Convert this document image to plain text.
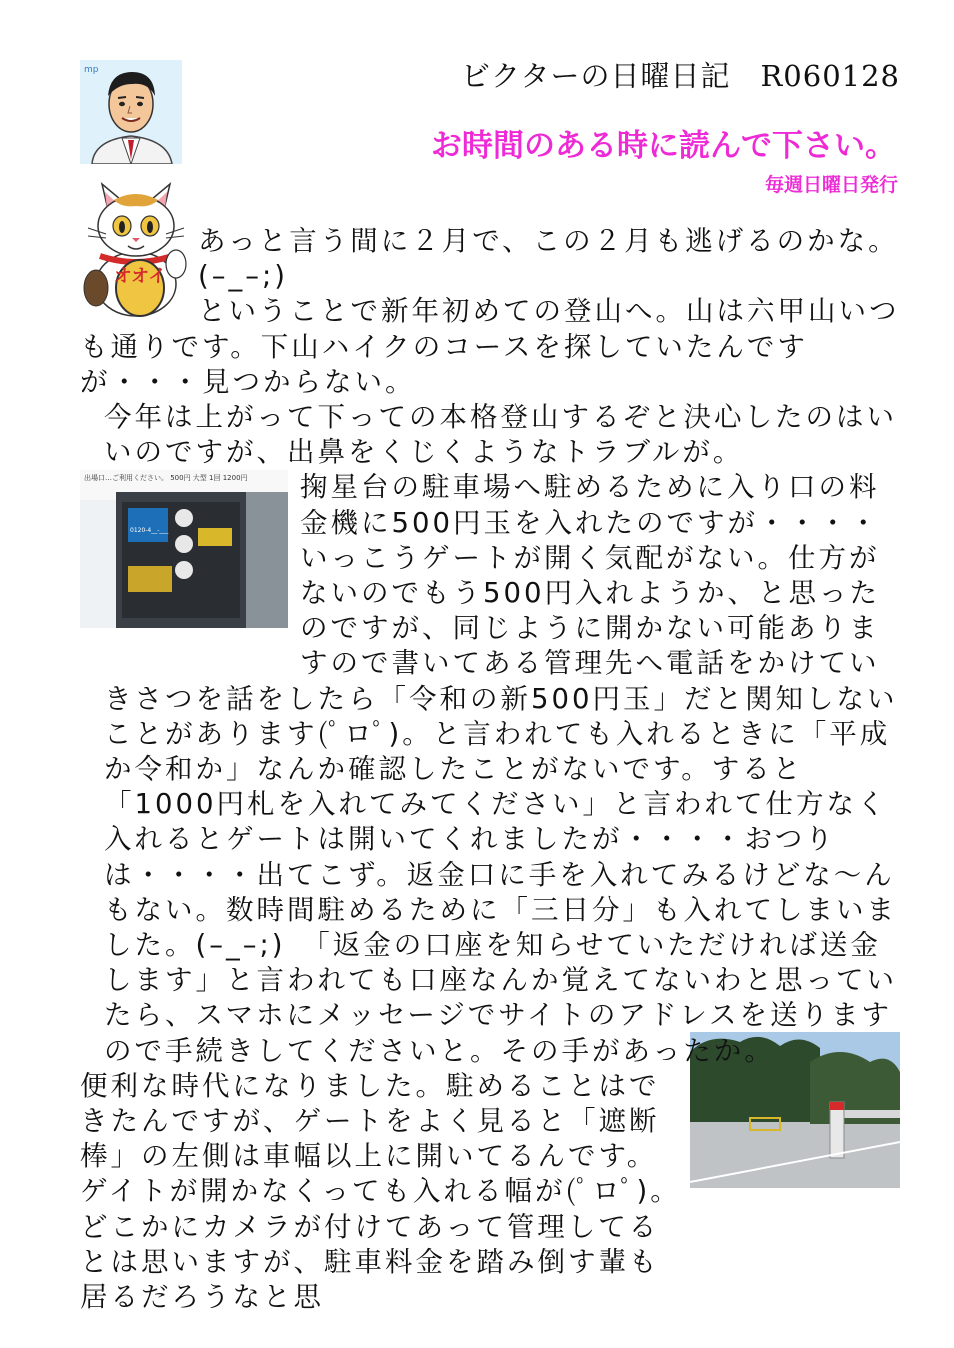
ビクターの日曜日記　R060128
お時間のある時に読んで下さい。
毎週日曜日発行
mp
オオイ
出場口…ご利用ください。 500円 大型 1回 1200円
0120-4__-___

あっと言う間に２月で、この２月も逃げるのかな。(–_–;)

ということで新年初めての登山へ。山は六甲山いつも通りです。下山ハイクのコースを探していたんですが・・・見つからない。

今年は上がって下っての本格登山するぞと決心したのはいいのですが、出鼻をくじくようなトラブルが。

掬星台の駐車場へ駐めるために入り口の料金機に500円玉を入れたのですが・・・・いっこうゲートが開く気配がない。仕方がないのでもう500円入れようか、と思ったのですが、同じように開かない可能ありますので書いてある管理先へ電話をかけていきさつを話をしたら「令和の新500円玉」だと関知しないことがあります(ﾟロﾟ)。と言われても入れるときに「平成か令和か」なんか確認したことがないです。すると「1000円札を入れてみてください」と言われて仕方なく入れるとゲートは開いてくれましたが・・・・おつりは・・・・出てこず。返金口に手を入れてみるけどな～んもない。数時間駐めるために「三日分」も入れてしまいました。(–_–;)　「返金の口座を知らせていただければ送金します」と言われても口座なんか覚えてないわと思っていたら、スマホにメッセージでサイトのアドレスを送りますので手続きしてくださいと。その手があったか。

便利な時代になりました。駐めることはできたんですが、ゲートをよく見ると「遮断棒」の左側は車幅以上に開いてるんです。ゲイトが開かなくっても入れる幅が(ﾟロﾟ)。どこかにカメラが付けてあって管理してるとは思いますが、駐車料金を踏み倒す輩も居るだろうなと思
